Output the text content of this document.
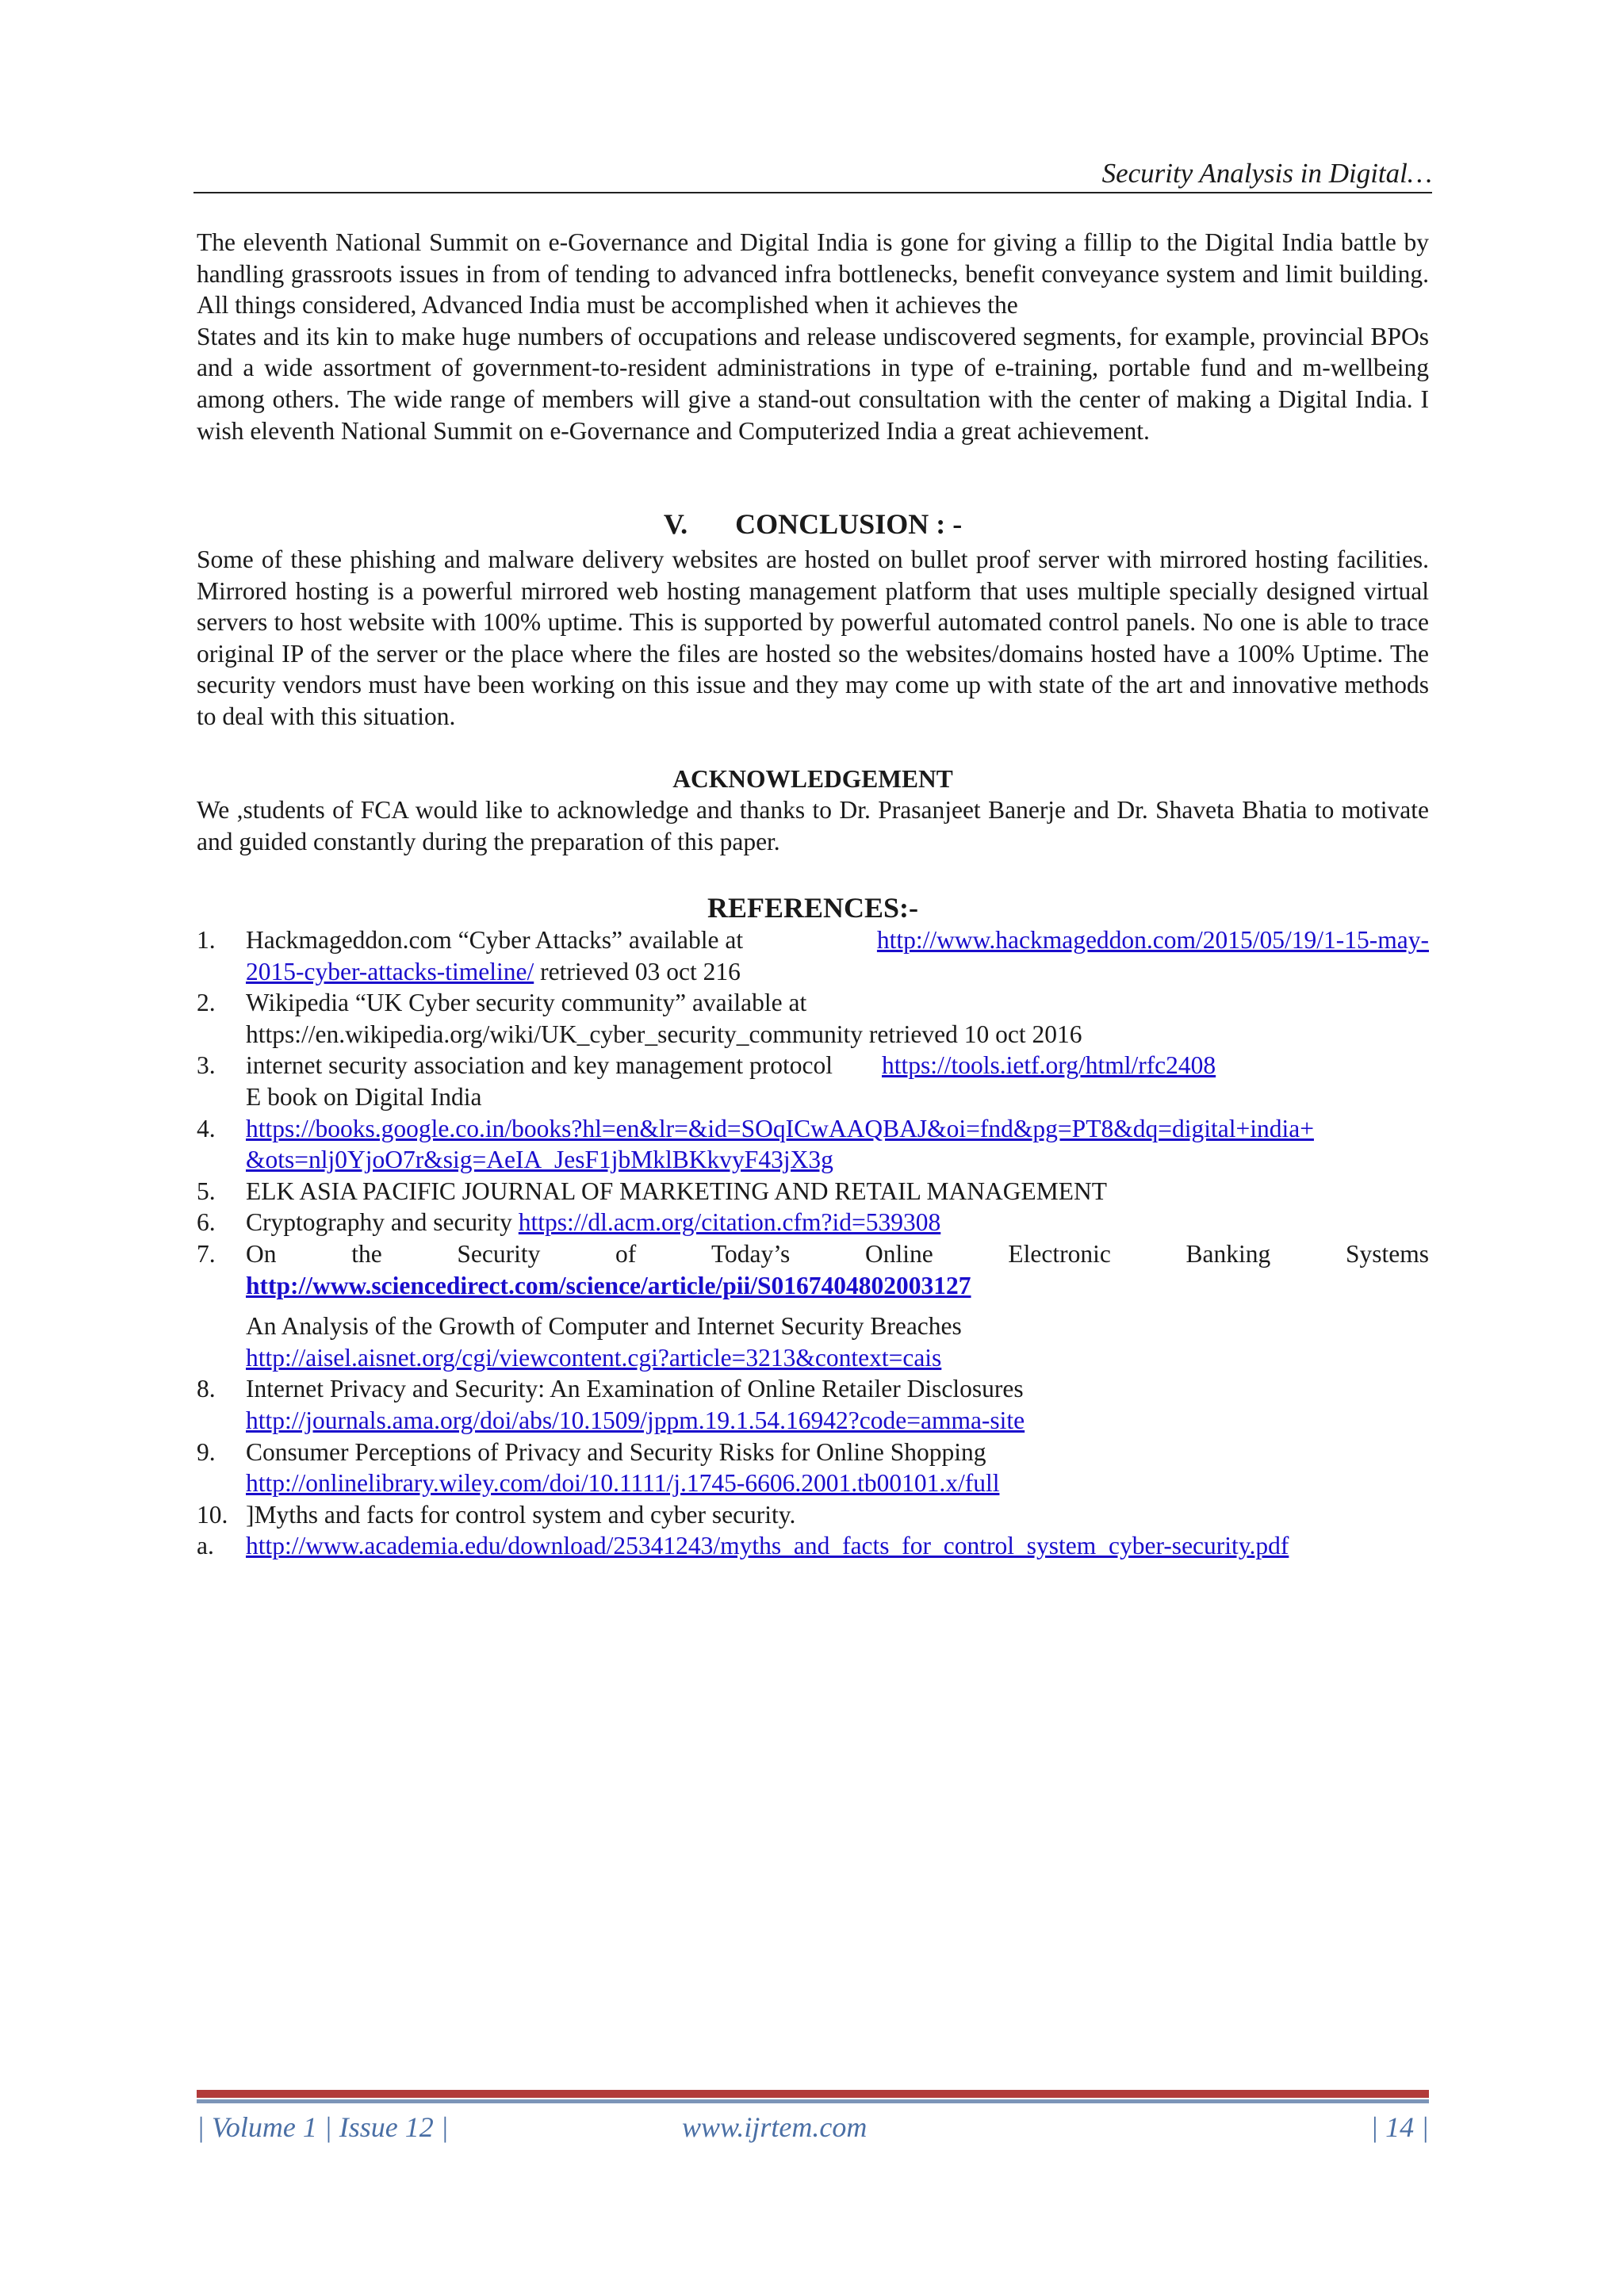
Security Analysis in Digital…
The eleventh National Summit on e-Governance and Digital India is gone for giving a fillip to the Digital India battle by handling grassroots issues in from of tending to advanced infra bottlenecks, benefit conveyance system and limit building. All things considered, Advanced India must be accomplished when it achieves the
States and its kin to make huge numbers of occupations and release undiscovered segments, for example, provincial BPOs and a wide assortment of government-to-resident administrations in type of e-training, portable fund and m-wellbeing among others. The wide range of members will give a stand-out consultation with the center of making a Digital India. I wish eleventh National Summit on e-Governance and Computerized India a great achievement.
V. CONCLUSION : -
Some of these phishing and malware delivery websites are hosted on bullet proof server with mirrored hosting facilities. Mirrored hosting is a powerful mirrored web hosting management platform that uses multiple specially designed virtual servers to host website with 100% uptime. This is supported by powerful automated control panels. No one is able to trace original IP of the server or the place where the files are hosted so the websites/domains hosted have a 100% Uptime. The security vendors must have been working on this issue and they may come up with state of the art and innovative methods to deal with this situation.
ACKNOWLEDGEMENT
We ,students of FCA would like to acknowledge and thanks to Dr. Prasanjeet Banerje and Dr. Shaveta Bhatia to motivate and guided constantly during the preparation of this paper.
REFERENCES:-
1.	Hackmageddon.com “Cyber Attacks” available at	http://www.hackmageddon.com/2015/05/19/1-15-may-
2015-cyber-attacks-timeline/ retrieved 03 oct 216
2.	Wikipedia “UK Cyber security community” available at
https://en.wikipedia.org/wiki/UK_cyber_security_community retrieved 10 oct 2016
3.	internet security association and key management protocol https://tools.ietf.org/html/rfc2408
E book on Digital India
4.	https://books.google.co.in/books?hl=en&lr=&id=SOqICwAAQBAJ&oi=fnd&pg=PT8&dq=digital+india+
&ots=nlj0YjoO7r&sig=AeIA_JesF1jbMklBKkvyF43jX3g
5.	ELK ASIA PACIFIC JOURNAL OF MARKETING AND RETAIL MANAGEMENT
6.	Cryptography and security https://dl.acm.org/citation.cfm?id=539308
7.	On	the	Security	of	Today’s	Online	Electronic	Banking	Systems
http://www.sciencedirect.com/science/article/pii/S0167404802003127
An Analysis of the Growth of Computer and Internet Security Breaches
http://aisel.aisnet.org/cgi/viewcontent.cgi?article=3213&context=cais
8.	Internet Privacy and Security: An Examination of Online Retailer Disclosures
http://journals.ama.org/doi/abs/10.1509/jppm.19.1.54.16942?code=amma-site
9.	Consumer Perceptions of Privacy and Security Risks for Online Shopping
http://onlinelibrary.wiley.com/doi/10.1111/j.1745-6606.2001.tb00101.x/full
10. ]Myths and facts for control system and cyber security.
a.	http://www.academia.edu/download/25341243/myths_and_facts_for_control_system_cyber-security.pdf
| Volume 1 | Issue 12 |	www.ijrtem.com	| 14 |
